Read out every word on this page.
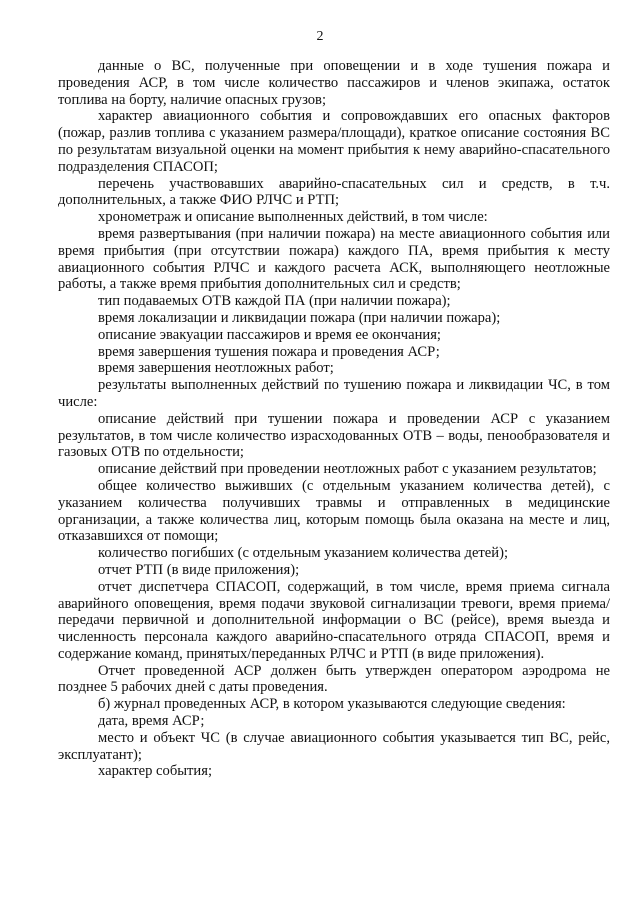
2

данные о ВС, полученные при оповещении и в ходе тушения пожара и проведения АСР, в том числе количество пассажиров и членов экипажа, остаток топлива на борту, наличие опасных грузов;

характер авиационного события и сопровождавших его опасных факторов (пожар, разлив топлива с указанием размера/площади), краткое описание состояния ВС по результатам визуальной оценки на момент прибытия к нему аварийно-спасательного подразделения СПАСОП;

перечень участвовавших аварийно-спасательных сил и средств, в т.ч. дополнительных, а также ФИО РЛЧС и РТП;

хронометраж и описание выполненных действий, в том числе:

время развертывания (при наличии пожара) на месте авиационного события или время прибытия (при отсутствии пожара) каждого ПА, время прибытия к месту авиационного события РЛЧС и каждого расчета АСК, выполняющего неотложные работы, а также время прибытия дополнительных сил и средств;

тип подаваемых ОТВ каждой ПА (при наличии пожара);

время локализации и ликвидации пожара (при наличии пожара);

описание эвакуации пассажиров и время ее окончания;

время завершения тушения пожара и проведения АСР;

время завершения неотложных работ;

результаты выполненных действий по тушению пожара и ликвидации ЧС, в том числе:

описание действий при тушении пожара и проведении АСР с указанием результатов, в том числе количество израсходованных ОТВ – воды, пенообразователя и газовых ОТВ по отдельности;

описание действий при проведении неотложных работ с указанием результатов;

общее количество выживших (с отдельным указанием количества детей), с указанием количества получивших травмы и отправленных в медицинские организации, а также количества лиц, которым помощь была оказана на месте и лиц, отказавшихся от помощи;

количество погибших (с отдельным указанием количества детей);

отчет РТП (в виде приложения);

отчет диспетчера СПАСОП, содержащий, в том числе, время приема сигнала аварийного оповещения, время подачи звуковой сигнализации тревоги, время приема/передачи первичной и дополнительной информации о ВС (рейсе), время выезда и численность персонала каждого аварийно-спасательного отряда СПАСОП, время и содержание команд, принятых/переданных РЛЧС и РТП (в виде приложения).

Отчет проведенной АСР должен быть утвержден оператором аэродрома не позднее 5 рабочих дней с даты проведения.

б) журнал проведенных АСР, в котором указываются следующие сведения:

дата, время АСР;

место и объект ЧС (в случае авиационного события указывается тип ВС, рейс, эксплуатант);

характер события;
